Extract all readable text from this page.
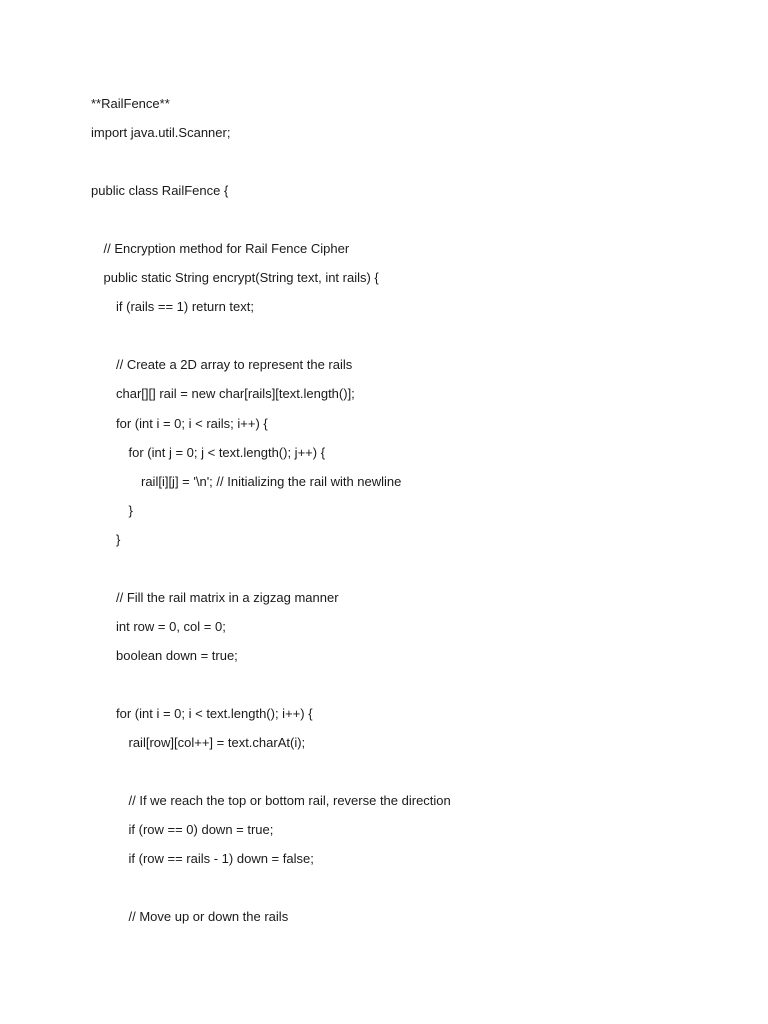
**RailFence**
import java.util.Scanner;
public class RailFence {
// Encryption method for Rail Fence Cipher
public static String encrypt(String text, int rails) {
if (rails == 1) return text;
// Create a 2D array to represent the rails
char[][] rail = new char[rails][text.length()];
for (int i = 0; i < rails; i++) {
for (int j = 0; j < text.length(); j++) {
rail[i][j] = '\n'; // Initializing the rail with newline
}
}
// Fill the rail matrix in a zigzag manner
int row = 0, col = 0;
boolean down = true;
for (int i = 0; i < text.length(); i++) {
rail[row][col++] = text.charAt(i);
// If we reach the top or bottom rail, reverse the direction
if (row == 0) down = true;
if (row == rails - 1) down = false;
// Move up or down the rails
